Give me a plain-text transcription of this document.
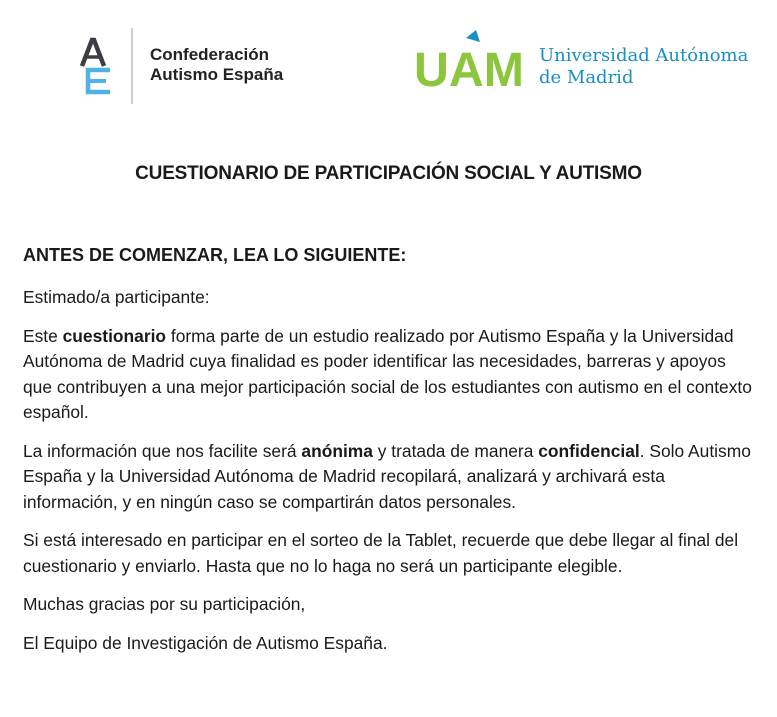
Confederación
Autismo España	UAM Universidad Autónoma
de Madrid
CUESTIONARIO DE PARTICIPACIÓN SOCIAL Y AUTISMO
ANTES DE COMENZAR, LEA LO SIGUIENTE:

Estimado/a participante:

Este cuestionario forma parte de un estudio realizado por Autismo España y la Universidad Autónoma de Madrid cuya finalidad es poder identificar las necesidades, barreras y apoyos que contribuyen a una mejor participación social de los estudiantes con autismo en el contexto español.

La información que nos facilite será anónima y tratada de manera confidencial. Solo Autismo España y la Universidad Autónoma de Madrid recopilará, analizará y archivará esta información, y en ningún caso se compartirán datos personales.

Si está interesado en participar en el sorteo de la Tablet, recuerde que debe llegar al final del cuestionario y enviarlo. Hasta que no lo haga no será un participante elegible.

Muchas gracias por su participación,

El Equipo de Investigación de Autismo España.
